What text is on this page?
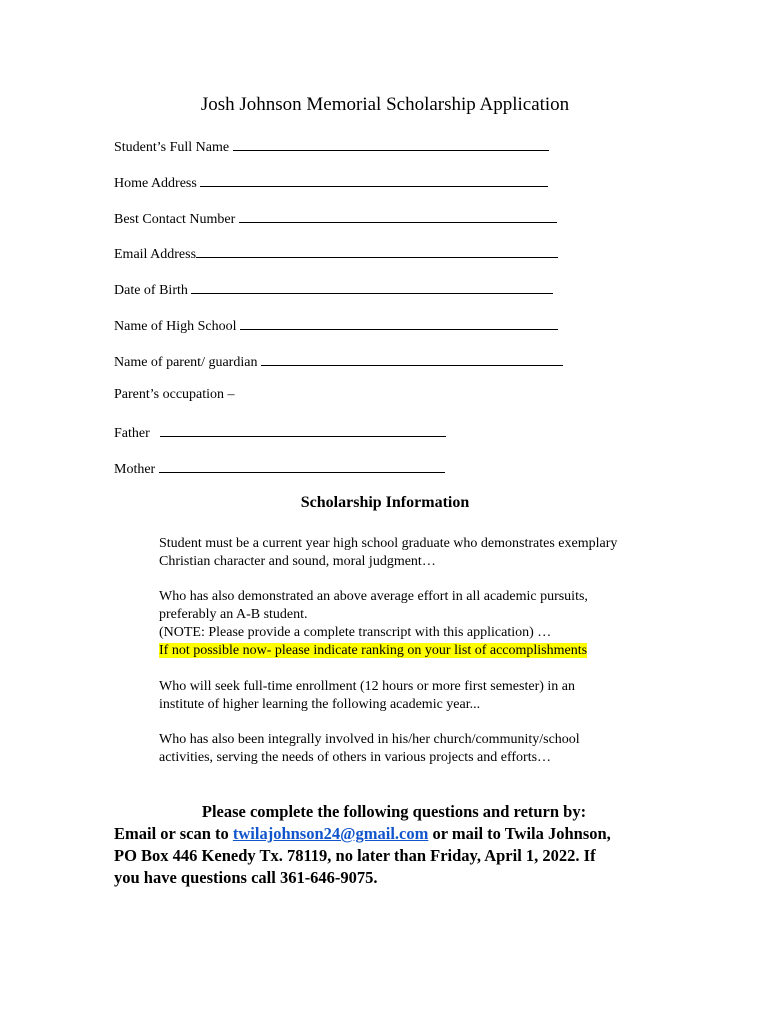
Josh Johnson Memorial Scholarship Application
Student’s Full Name
Home Address
Best Contact Number
Email Address
Date of Birth
Name of High School
Name of parent/ guardian
Parent’s occupation –
Father
Mother
Scholarship Information
Student must be a current year high school graduate who demonstrates exemplary
Christian character and sound, moral judgment…
Who has also demonstrated an above average effort in all academic pursuits,
preferably an A-B student.
(NOTE: Please provide a complete transcript with this application) …
If not possible now- please indicate ranking on your list of accomplishments
Who will seek full-time enrollment (12 hours or more first semester) in an
institute of higher learning the following academic year...
Who has also been integrally involved in his/her church/community/school
activities, serving the needs of others in various projects and efforts…
Please complete the following questions and return by:
Email or scan to twilajohnson24@gmail.com or mail to Twila Johnson,
PO Box 446 Kenedy Tx. 78119, no later than Friday, April 1, 2022. If
you have questions call 361-646-9075.
